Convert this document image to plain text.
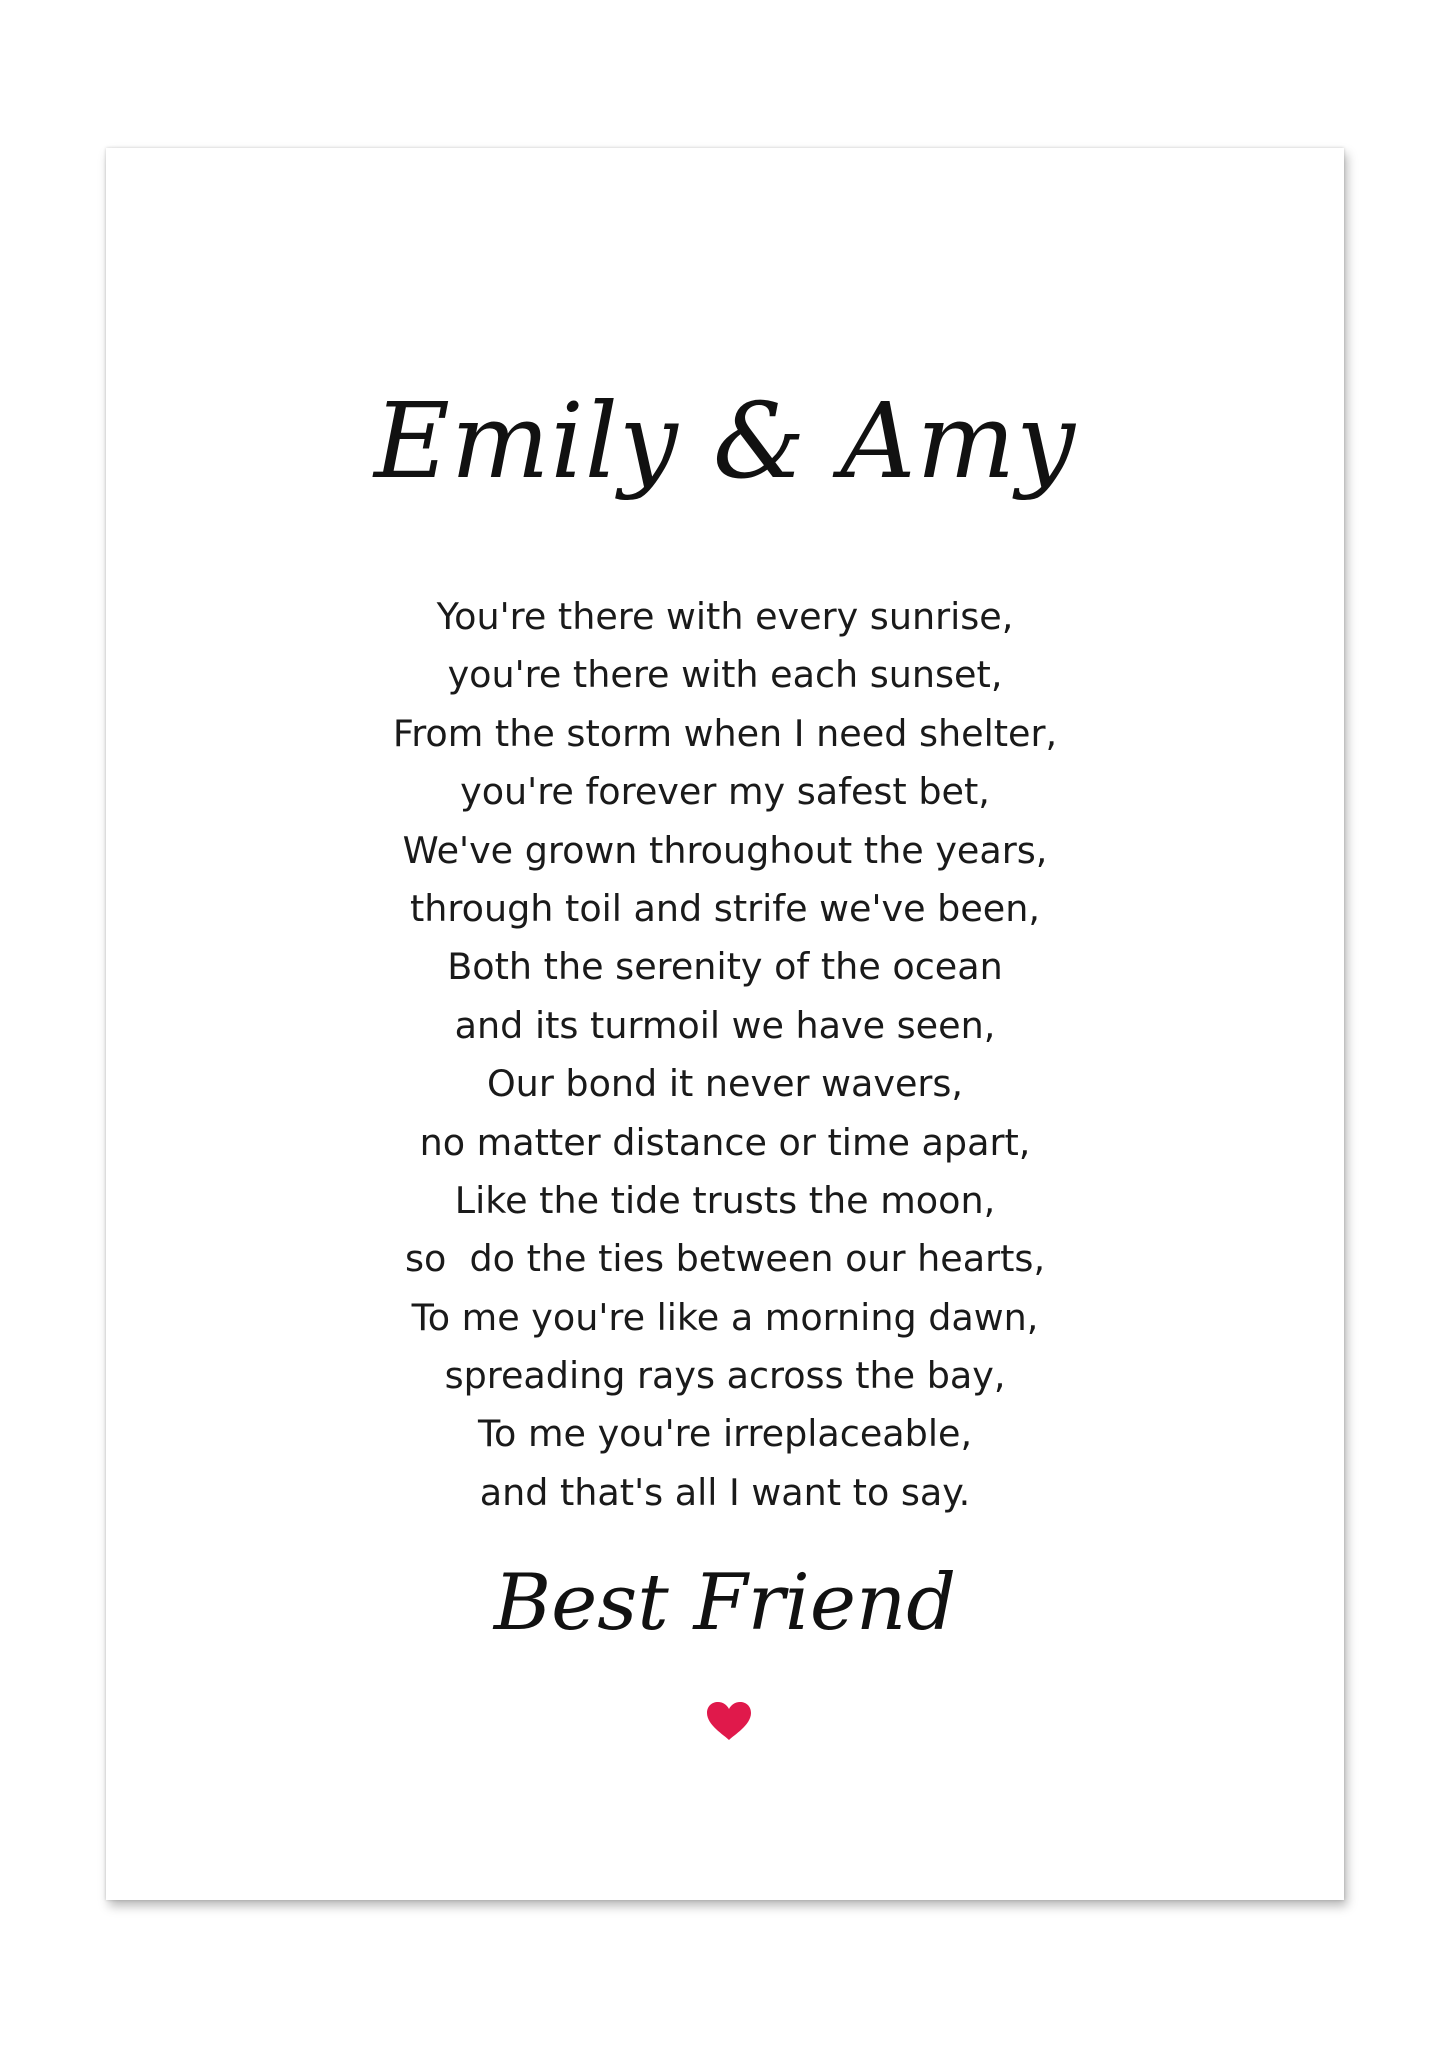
Emily & Amy
You're there with every sunrise,
you're there with each sunset,
From the storm when I need shelter,
you're forever my safest bet,
We've grown throughout the years,
through toil and strife we've been,
Both the serenity of the ocean
and its turmoil we have seen,
Our bond it never wavers,
no matter distance or time apart,
Like the tide trusts the moon,
so  do the ties between our hearts,
To me you're like a morning dawn,
spreading rays across the bay,
To me you're irreplaceable,
and that's all I want to say.
Best Friend
